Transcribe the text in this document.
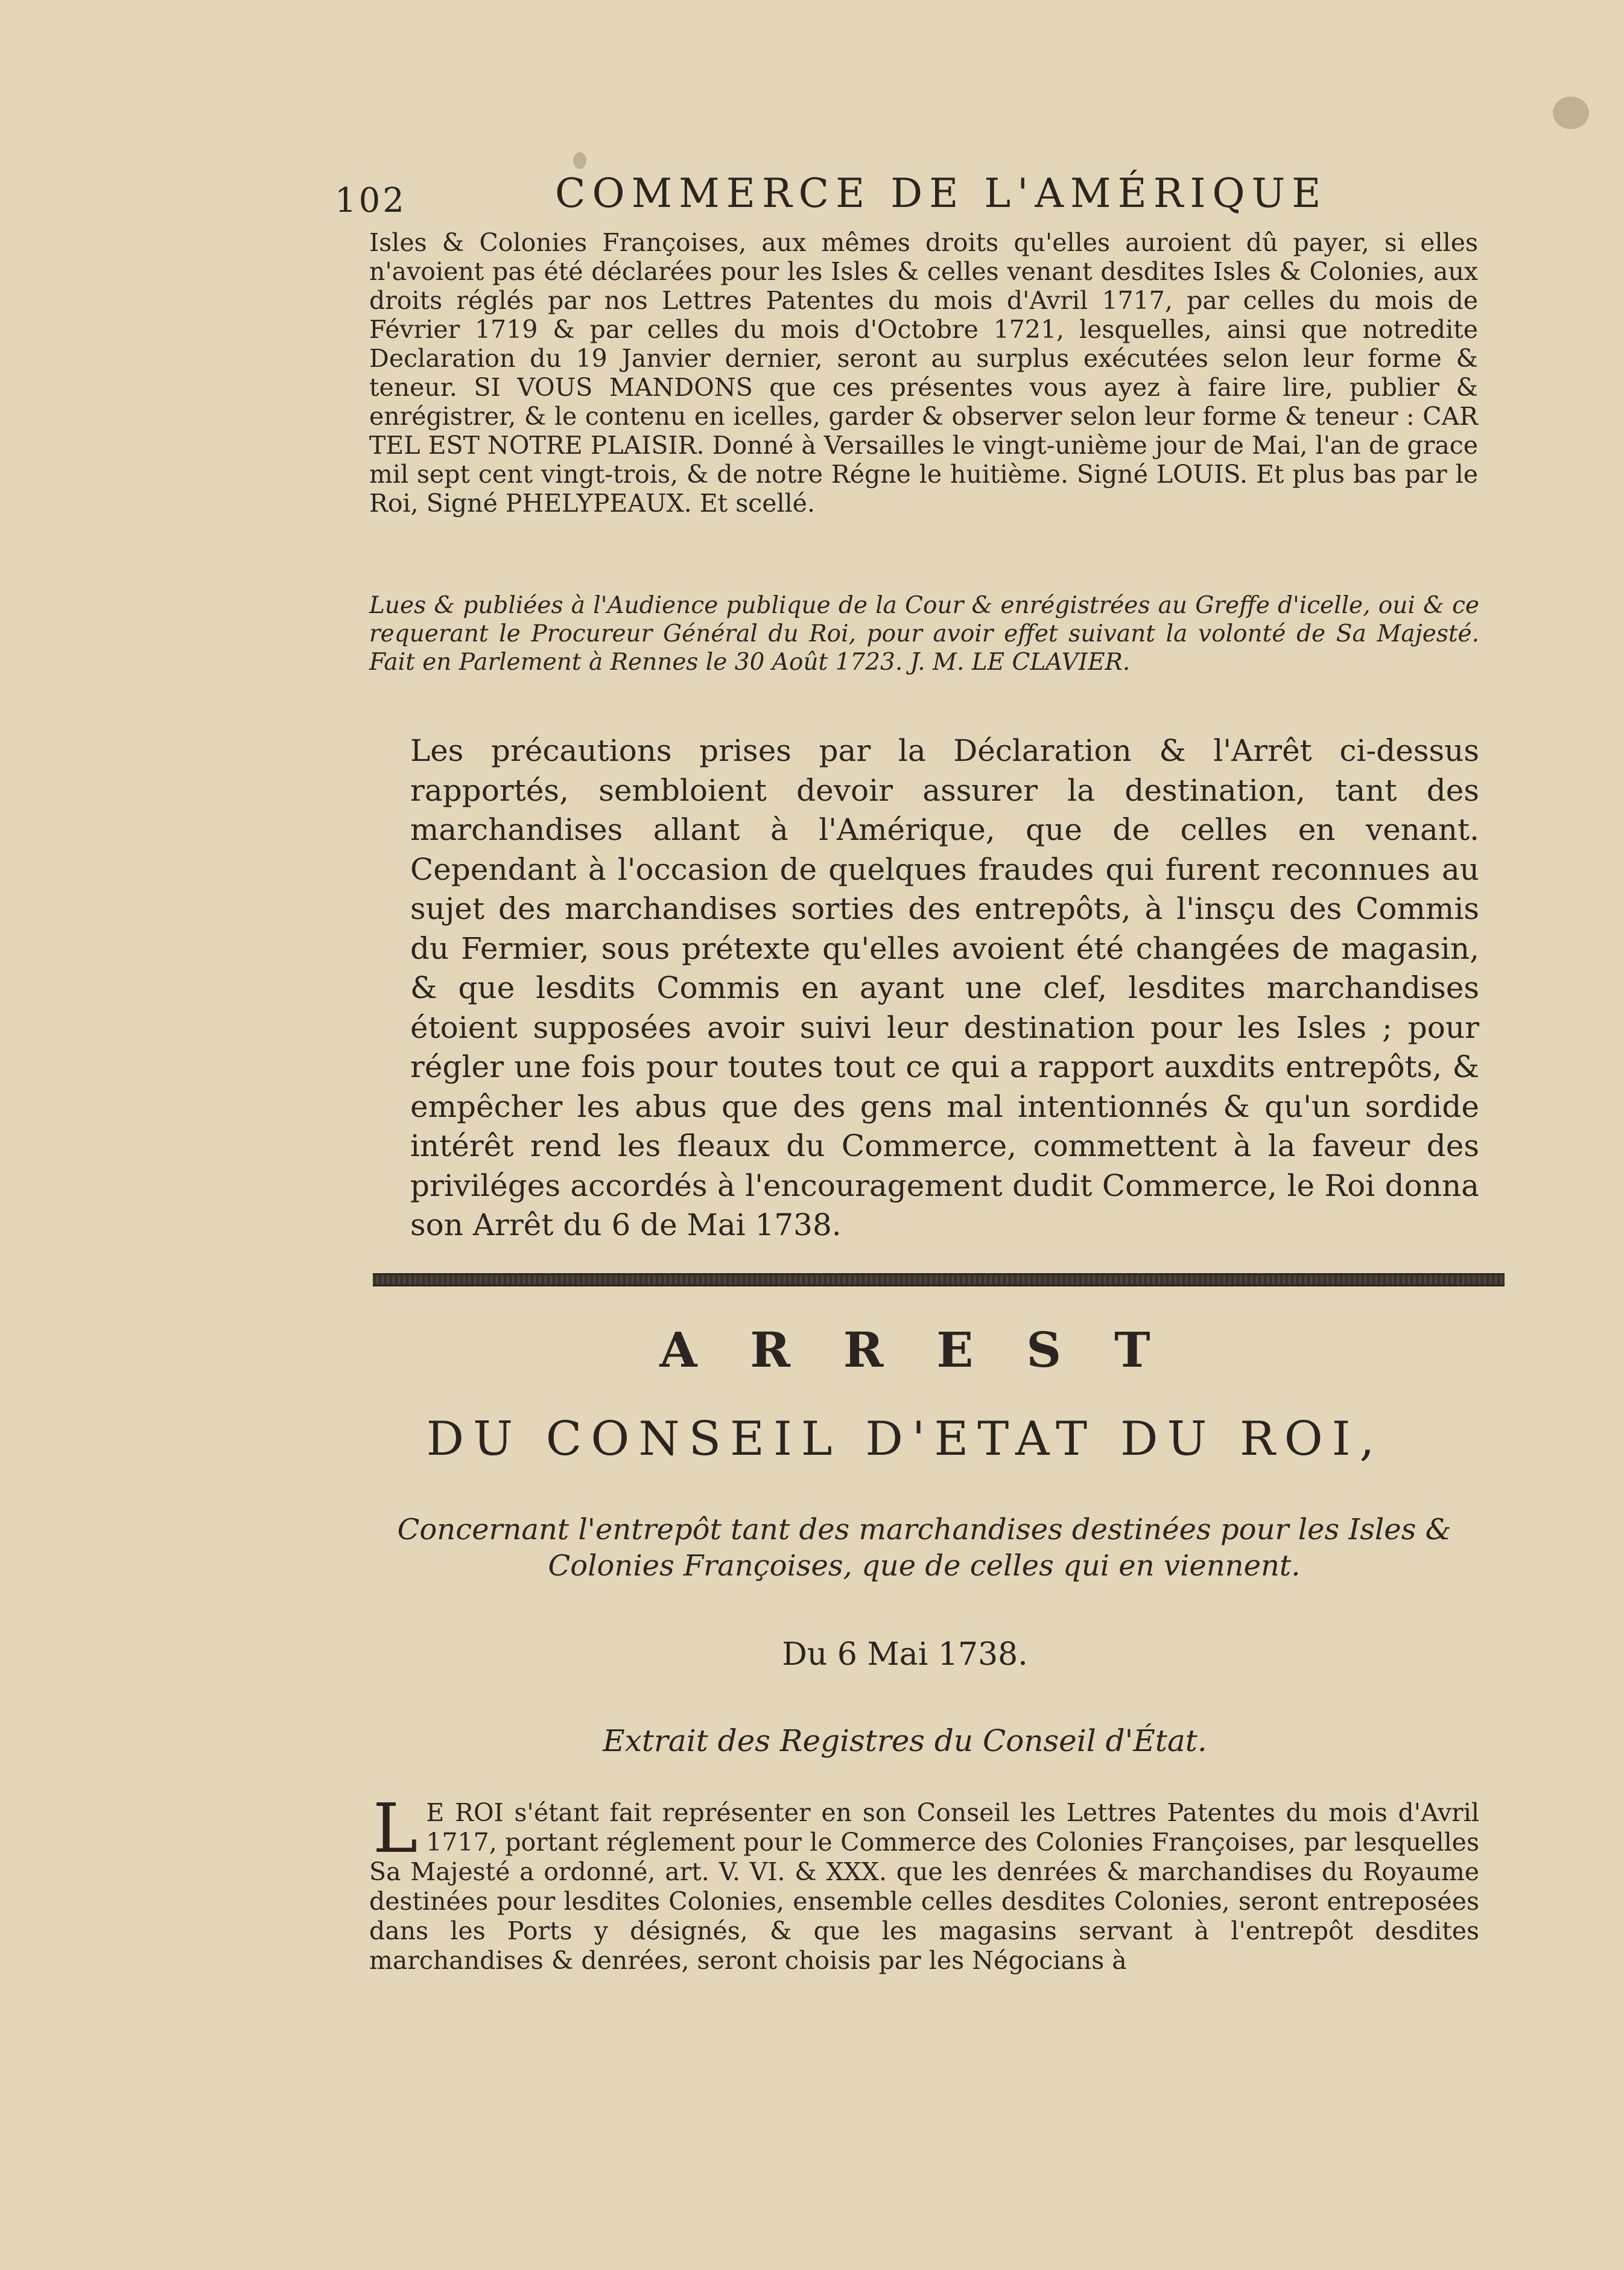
102	COMMERCE DE L'AMÉRIQUE
Isles & Colonies Françoises, aux mêmes droits qu'elles auroient dû payer, si elles n'avoient pas été déclarées pour les Isles & celles venant desdites Isles & Colonies, aux droits réglés par nos Lettres Patentes du mois d'Avril 1717, par celles du mois de Février 1719 & par celles du mois d'Octobre 1721, lesquelles, ainsi que notredite Declaration du 19 Janvier dernier, seront au surplus exécutées selon leur forme & teneur. SI VOUS MANDONS que ces présentes vous ayez à faire lire, publier & enrégistrer, & le contenu en icelles, garder & observer selon leur forme & teneur : CAR TEL EST NOTRE PLAISIR. Donné à Versailles le vingt-unième jour de Mai, l'an de grace mil sept cent vingt-trois, & de notre Régne le huitième. Signé LOUIS. Et plus bas par le Roi, Signé PHELYPEAUX. Et scellé.
Lues & publiées à l'Audience publique de la Cour & enrégistrées au Greffe d'icelle, oui & ce requerant le Procureur Général du Roi, pour avoir effet suivant la volonté de Sa Majesté. Fait en Parlement à Rennes le 30 Août 1723. J. M. LE CLAVIER.
Les précautions prises par la Déclaration & l'Arrêt ci-dessus rapportés, sembloient devoir assurer la destination, tant des marchandises allant à l'Amérique, que de celles en venant. Cependant à l'occasion de quelques fraudes qui furent reconnues au sujet des marchandises sorties des entrepôts, à l'insçu des Commis du Fermier, sous prétexte qu'elles avoient été changées de magasin, & que lesdits Commis en ayant une clef, lesdites marchandises étoient supposées avoir suivi leur destination pour les Isles ; pour régler une fois pour toutes tout ce qui a rapport auxdits entrepôts, & empêcher les abus que des gens mal intentionnés & qu'un sordide intérêt rend les fleaux du Commerce, commettent à la faveur des priviléges accordés à l'encouragement dudit Commerce, le Roi donna son Arrêt du 6 de Mai 1738.
ARREST
DU CONSEIL D'ETAT DU ROI,
Concernant l'entrepôt tant des marchandises destinées pour les Isles & Colonies Françoises, que de celles qui en viennent.
Du 6 Mai 1738.
Extrait des Registres du Conseil d'État.
L E ROI s'étant fait représenter en son Conseil les Lettres Patentes du mois d'Avril 1717, portant réglement pour le Commerce des Colonies Françoises, par lesquelles Sa Majesté a ordonné, art. V. VI. & XXX. que les denrées & marchandises du Royaume destinées pour lesdites Colonies, ensemble celles desdites Colonies, seront entreposées dans les Ports y désignés, & que les magasins servant à l'entrepôt desdites marchandises & denrées, seront choisis par les Négocians à
